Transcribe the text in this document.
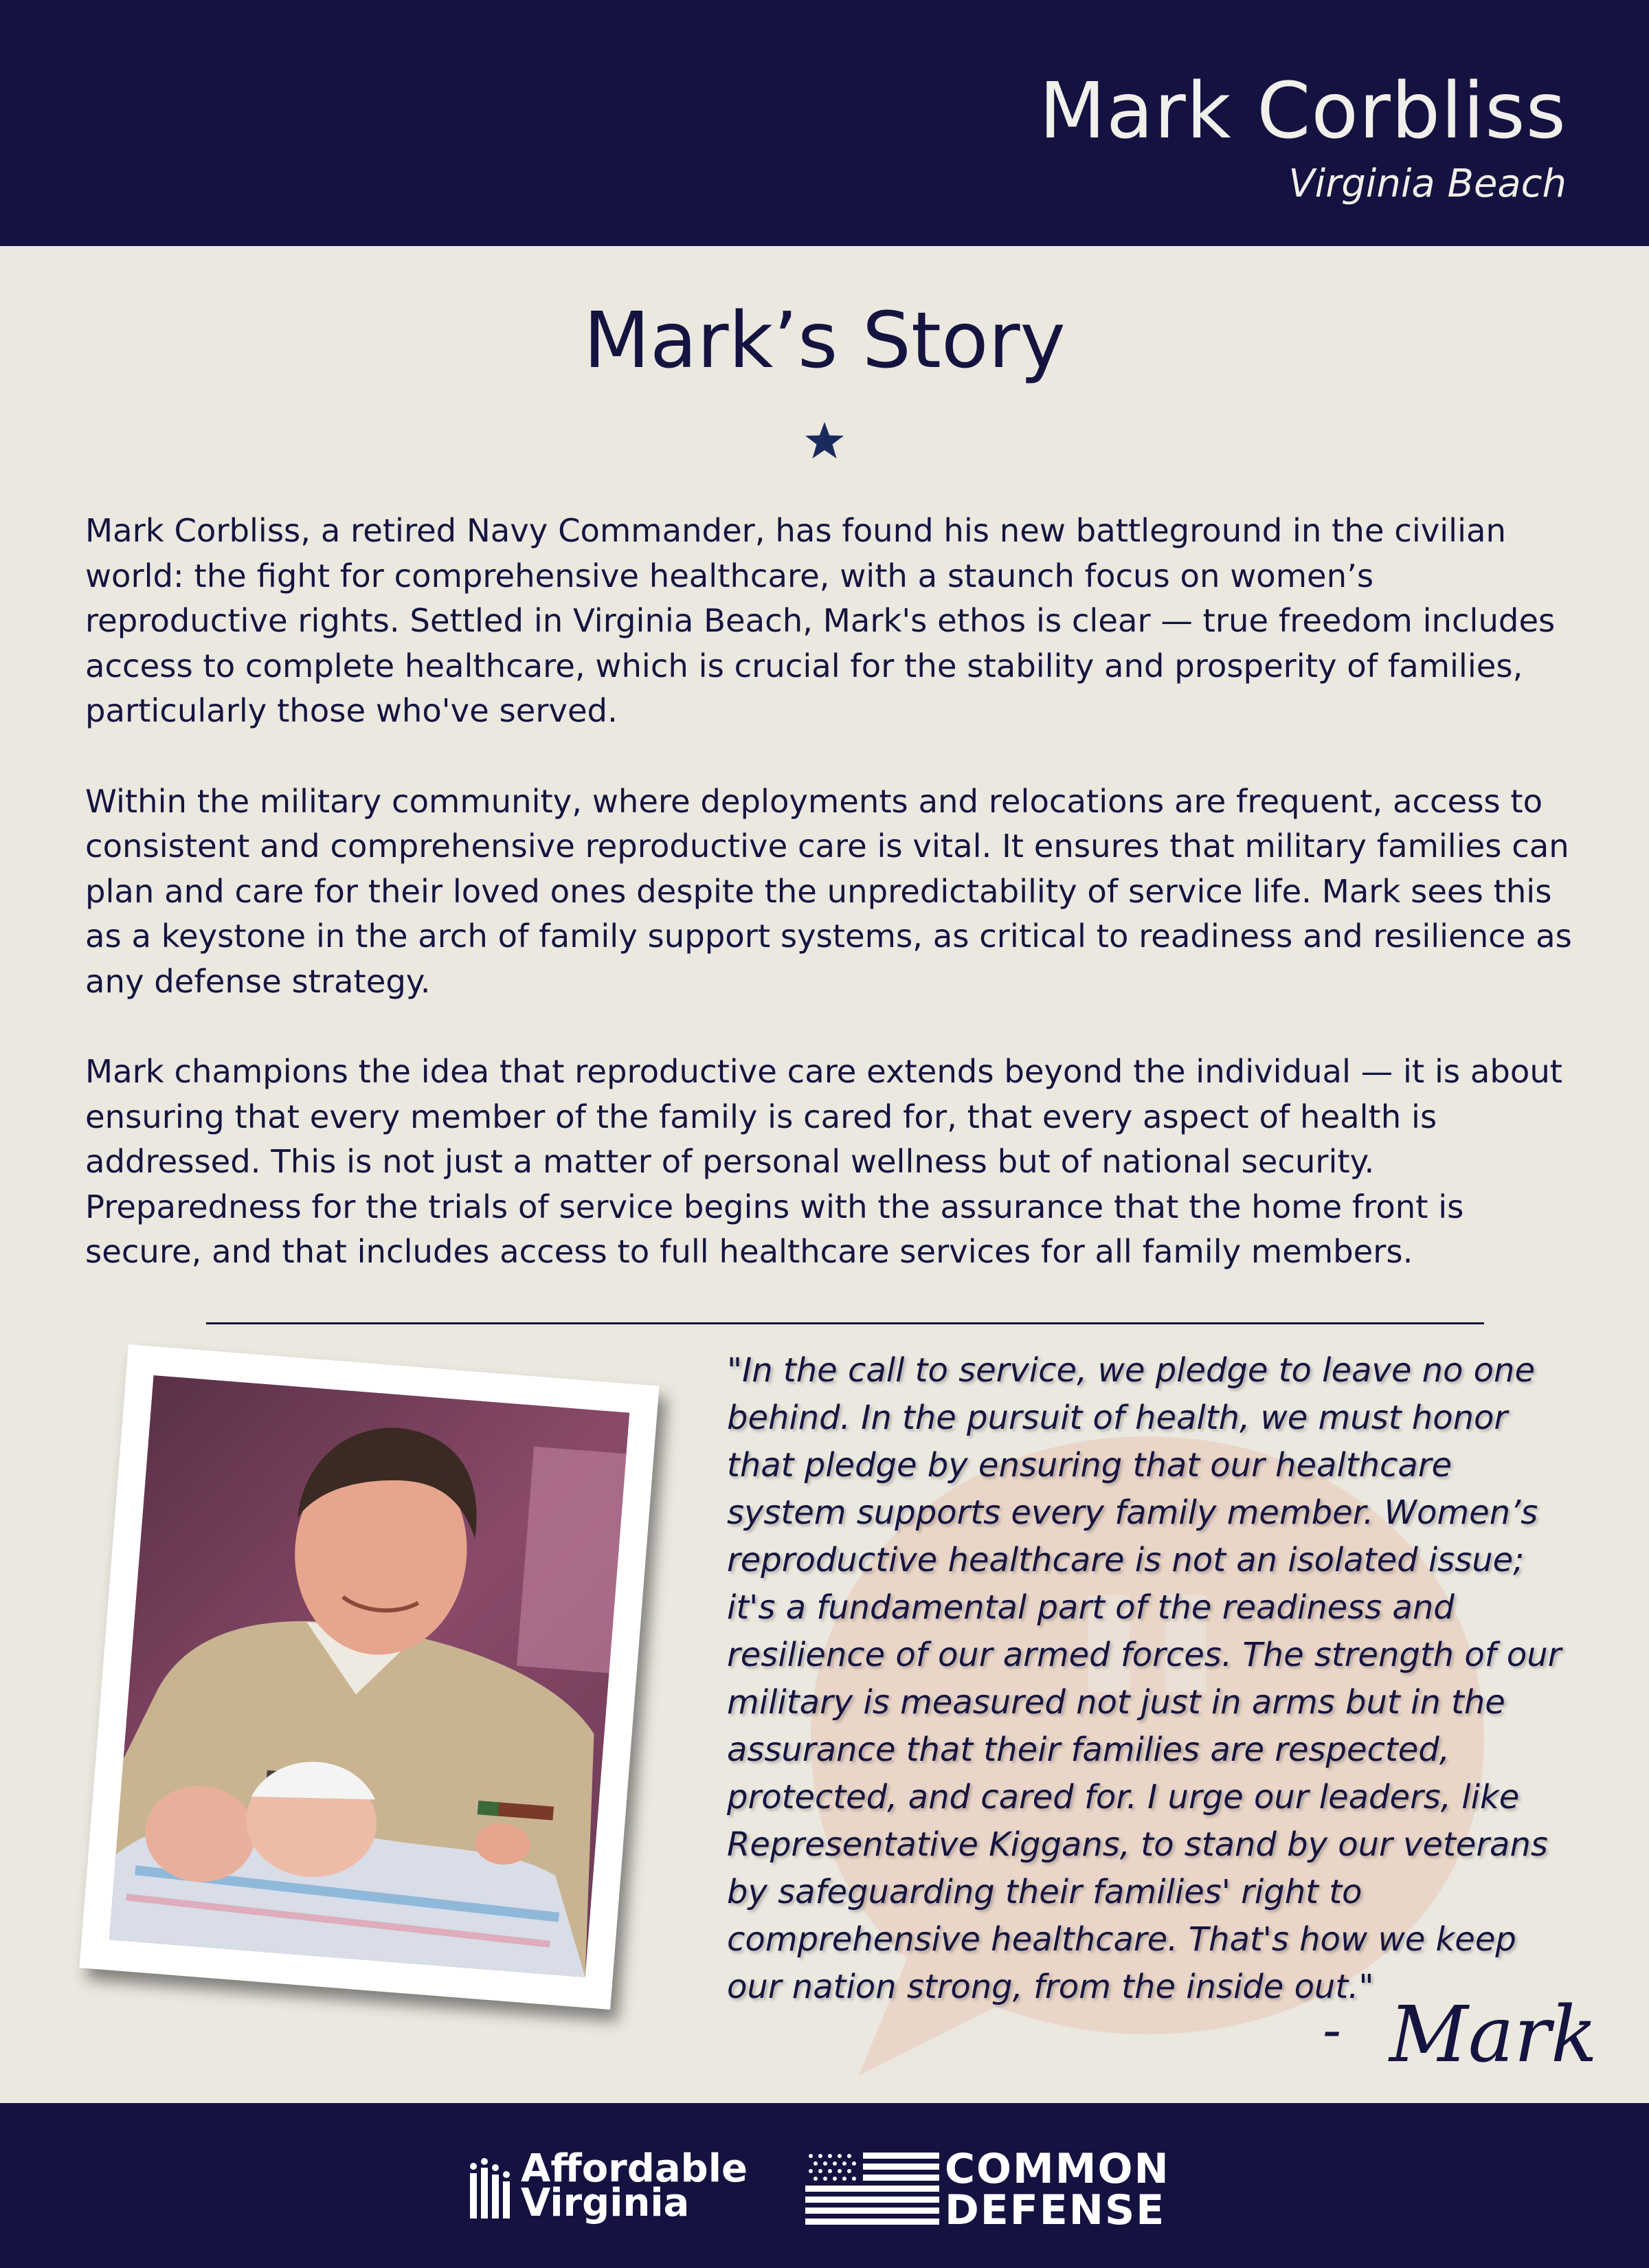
Mark Corbliss
Virginia Beach
Mark’s Story

Mark Corbliss, a retired Navy Commander, has found his new battleground in the civilian world: the fight for comprehensive healthcare, with a staunch focus on women’s reproductive rights. Settled in Virginia Beach, Mark's ethos is clear — true freedom includes access to complete healthcare, which is crucial for the stability and prosperity of families, particularly those who've served.

Within the military community, where deployments and relocations are frequent, access to consistent and comprehensive reproductive care is vital. It ensures that military families can plan and care for their loved ones despite the unpredictability of service life. Mark sees this as a keystone in the arch of family support systems, as critical to readiness and resilience as any defense strategy.

Mark champions the idea that reproductive care extends beyond the individual — it is about ensuring that every member of the family is cared for, that every aspect of health is addressed. This is not just a matter of personal wellness but of national security. Preparedness for the trials of service begins with the assurance that the home front is secure, and that includes access to full healthcare services for all family members.

"
"In the call to service, we pledge to leave no one behind. In the pursuit of health, we must honor that pledge by ensuring that our healthcare system supports every family member. Women’s reproductive healthcare is not an isolated issue; it's a fundamental part of the readiness and resilience of our armed forces. The strength of our military is measured not just in arms but in the assurance that their families are respected, protected, and cared for. I urge our leaders, like Representative Kiggans, to stand by our veterans by safeguarding their families' right to comprehensive healthcare. That's how we keep our nation strong, from the inside out."
- Mark
Affordable
Virginia
COMMON
DEFENSE
